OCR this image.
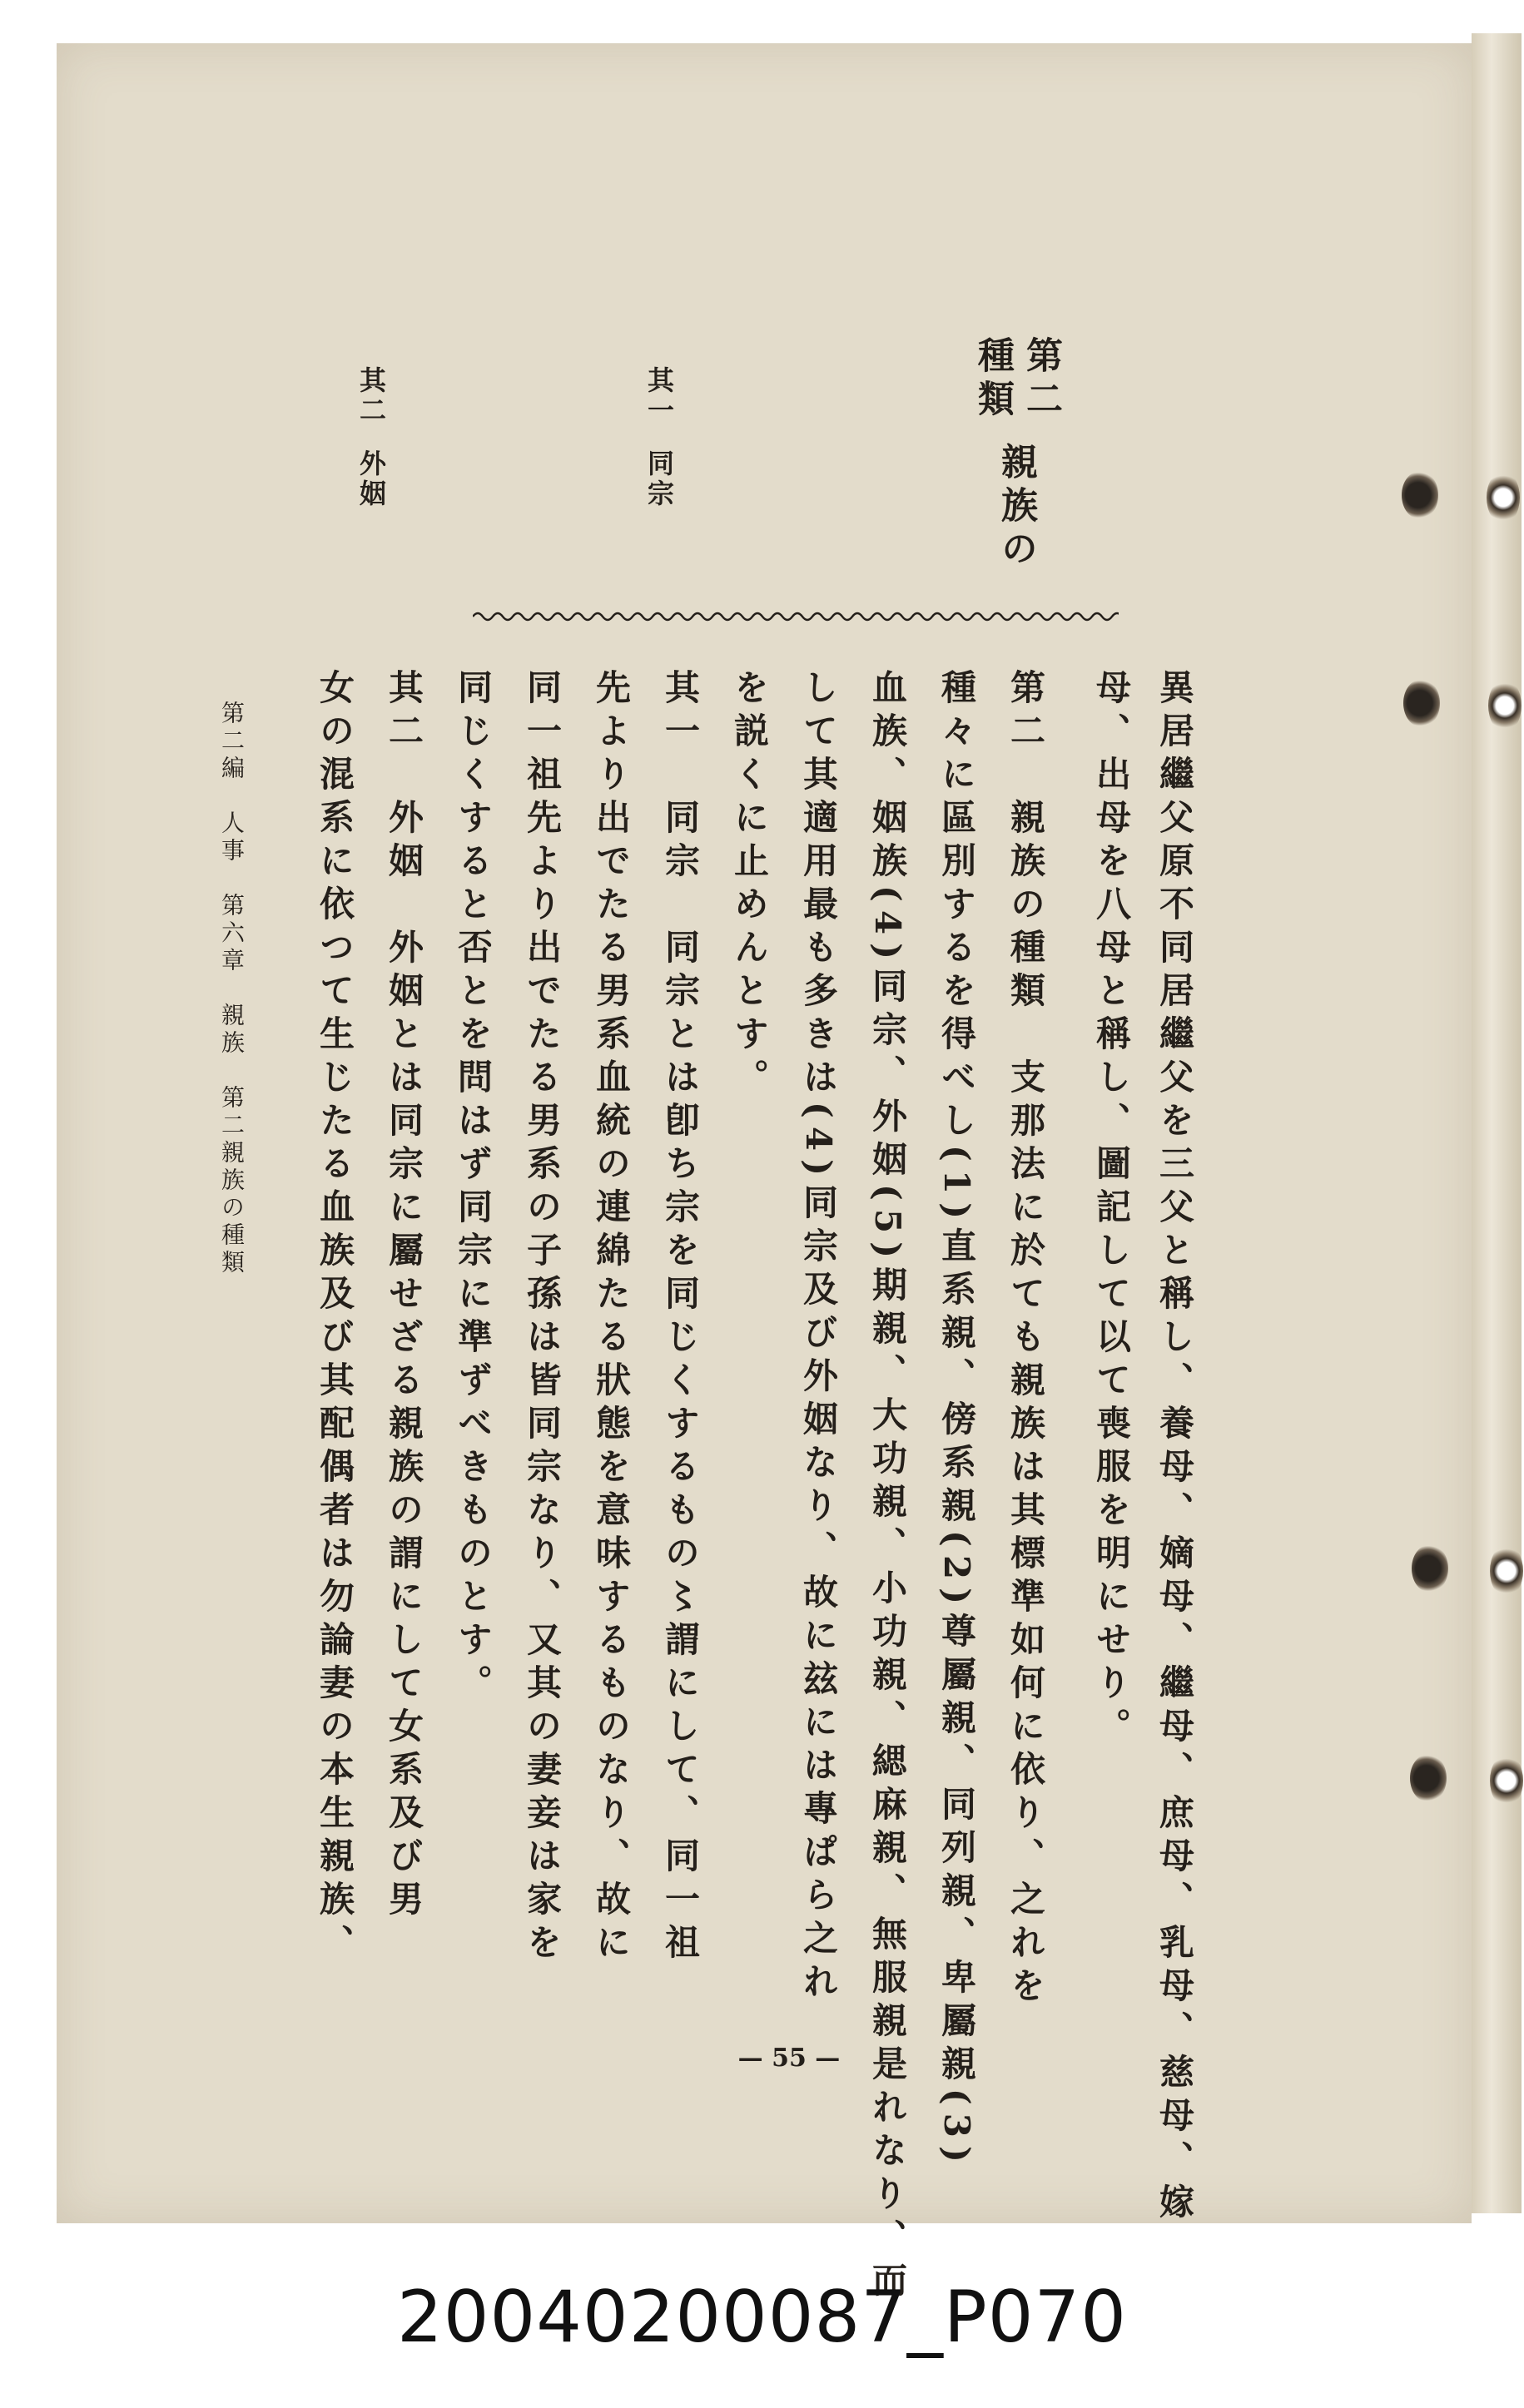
第二
種類
親族の
其一
同宗
其二
外姻
異居繼父原不同居繼父を三父と稱し、養母、嫡母、繼母、庶母、乳母、慈母、嫁
母、出母を八母と稱し、圖記して以て喪服を明にせり。
第二　親族の種類　支那法に於ても親族は其標準如何に依り、之れを
種々に區別するを得べし(1)直系親、傍系親(2)尊屬親、同列親、卑屬親(3)
血族、姻族(4)同宗、外姻(5)期親、大功親、小功親、緦麻親、無服親是れなり、而
して其適用最も多きは(4)同宗及び外姻なり、故に玆には專ぱら之れ
を説くに止めんとす。
其一　同宗　同宗とは卽ち宗を同じくするもの〻謂にして、同一祖
先より出でたる男系血統の連綿たる狀態を意味するものなり、故に
同一祖先より出でたる男系の子孫は皆同宗なり、又其の妻妾は家を
同じくすると否とを問はず同宗に準ずべきものとす。
其二　外姻　外姻とは同宗に屬せざる親族の謂にして女系及び男
女の混系に依つて生じたる血族及び其配偶者は勿論妻の本生親族、
第二編　人事　第六章　親族　第二親族の種類
— 55 —
20040200087_P070
